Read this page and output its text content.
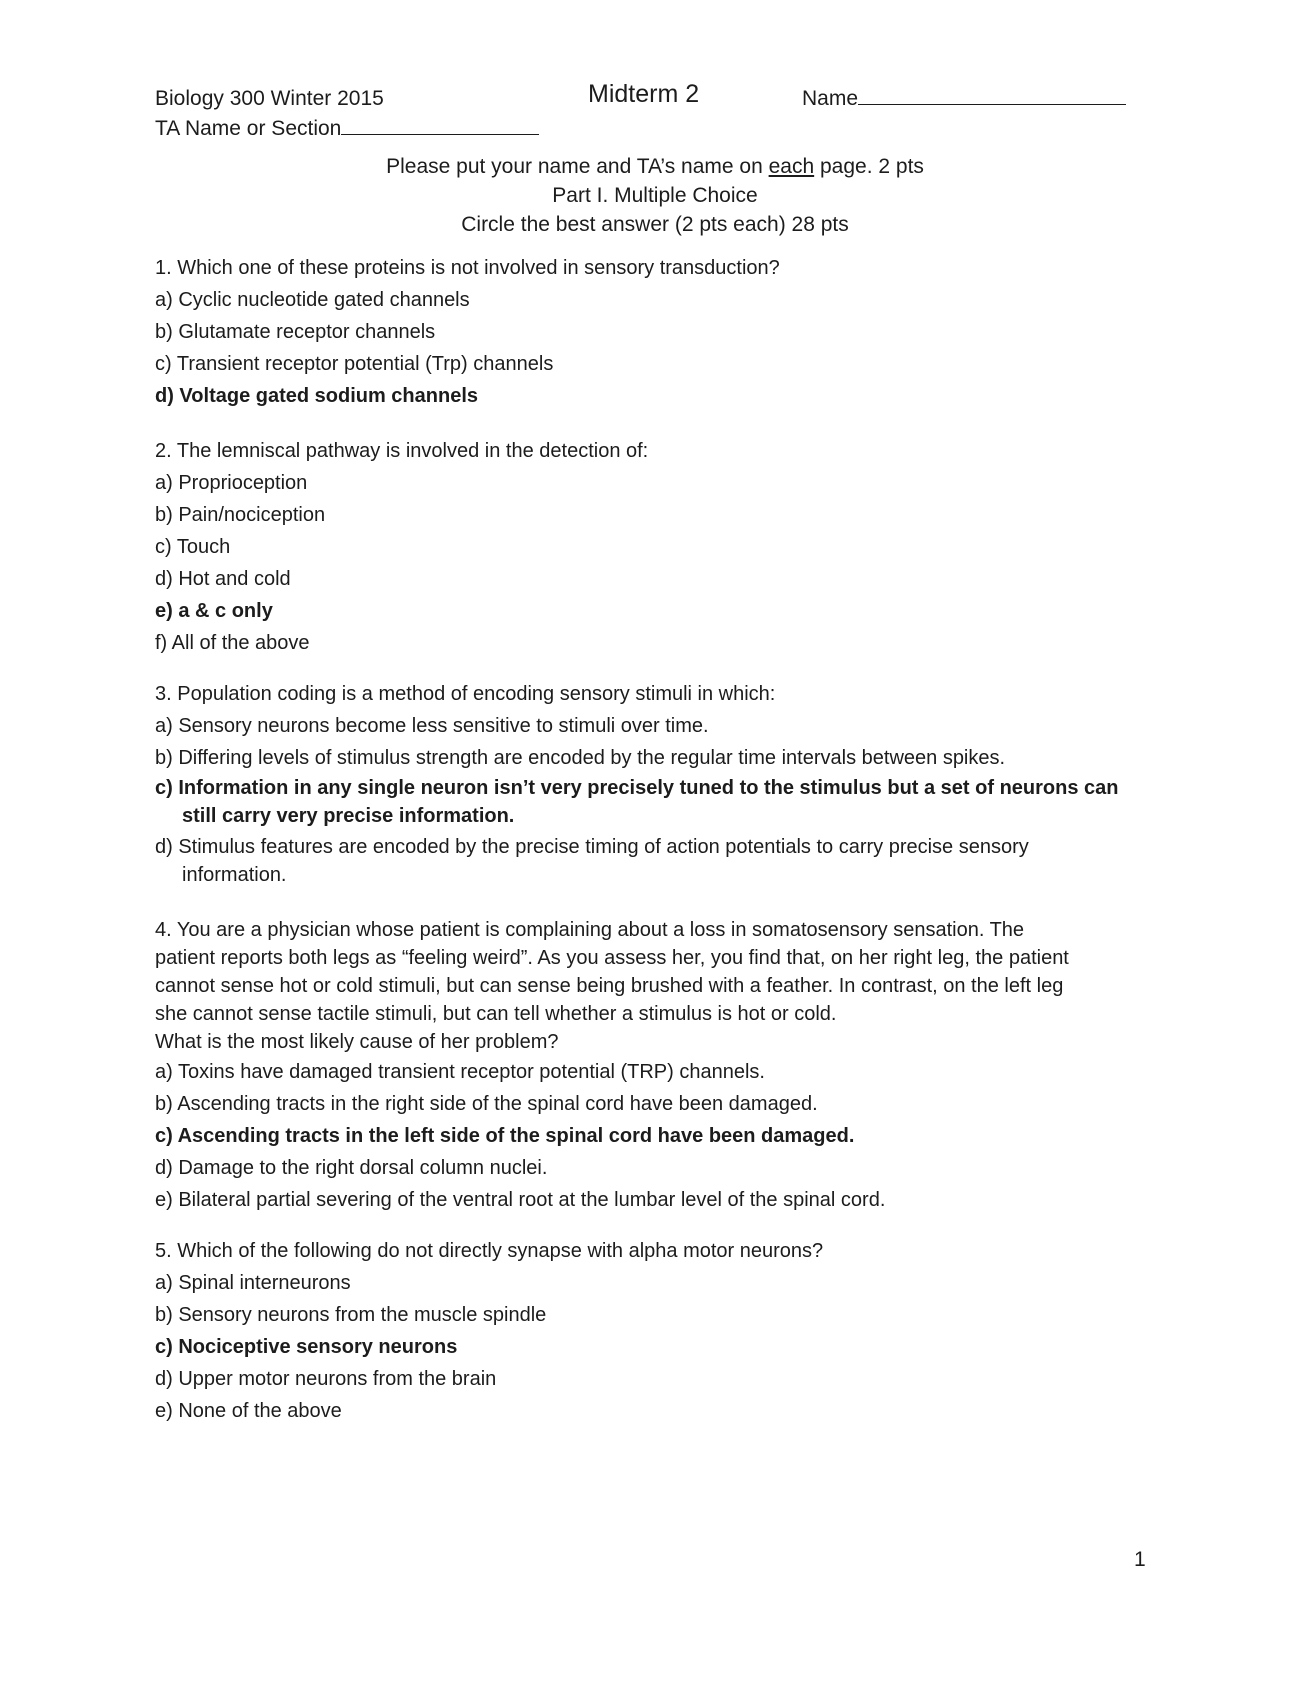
Biology 300 Winter 2015
TA Name or Section
Midterm 2	Name
Please put your name and TA’s name on each page. 2 pts
Part I. Multiple Choice
Circle the best answer (2 pts each) 28 pts
1. Which one of these proteins is not involved in sensory transduction?
a) Cyclic nucleotide gated channels
b) Glutamate receptor channels
c) Transient receptor potential (Trp) channels
d) Voltage gated sodium channels
2. The lemniscal pathway is involved in the detection of:
a) Proprioception
b) Pain/nociception
c) Touch
d) Hot and cold
e) a & c only
f) All of the above
3. Population coding is a method of encoding sensory stimuli in which:
a) Sensory neurons become less sensitive to stimuli over time.
b) Differing levels of stimulus strength are encoded by the regular time intervals between spikes.
c) Information in any single neuron isn’t very precisely tuned to the stimulus but a set of neurons can
still carry very precise information.
d) Stimulus features are encoded by the precise timing of action potentials to carry precise sensory
information.
4. You are a physician whose patient is complaining about a loss in somatosensory sensation. The
patient reports both legs as “feeling weird”. As you assess her, you find that, on her right leg, the patient
cannot sense hot or cold stimuli, but can sense being brushed with a feather. In contrast, on the left leg
she cannot sense tactile stimuli, but can tell whether a stimulus is hot or cold.
What is the most likely cause of her problem?
a) Toxins have damaged transient receptor potential (TRP) channels.
b) Ascending tracts in the right side of the spinal cord have been damaged.
c) Ascending tracts in the left side of the spinal cord have been damaged.
d) Damage to the right dorsal column nuclei.
e) Bilateral partial severing of the ventral root at the lumbar level of the spinal cord.
5. Which of the following do not directly synapse with alpha motor neurons?
a) Spinal interneurons
b) Sensory neurons from the muscle spindle
c) Nociceptive sensory neurons
d) Upper motor neurons from the brain
e) None of the above
1
